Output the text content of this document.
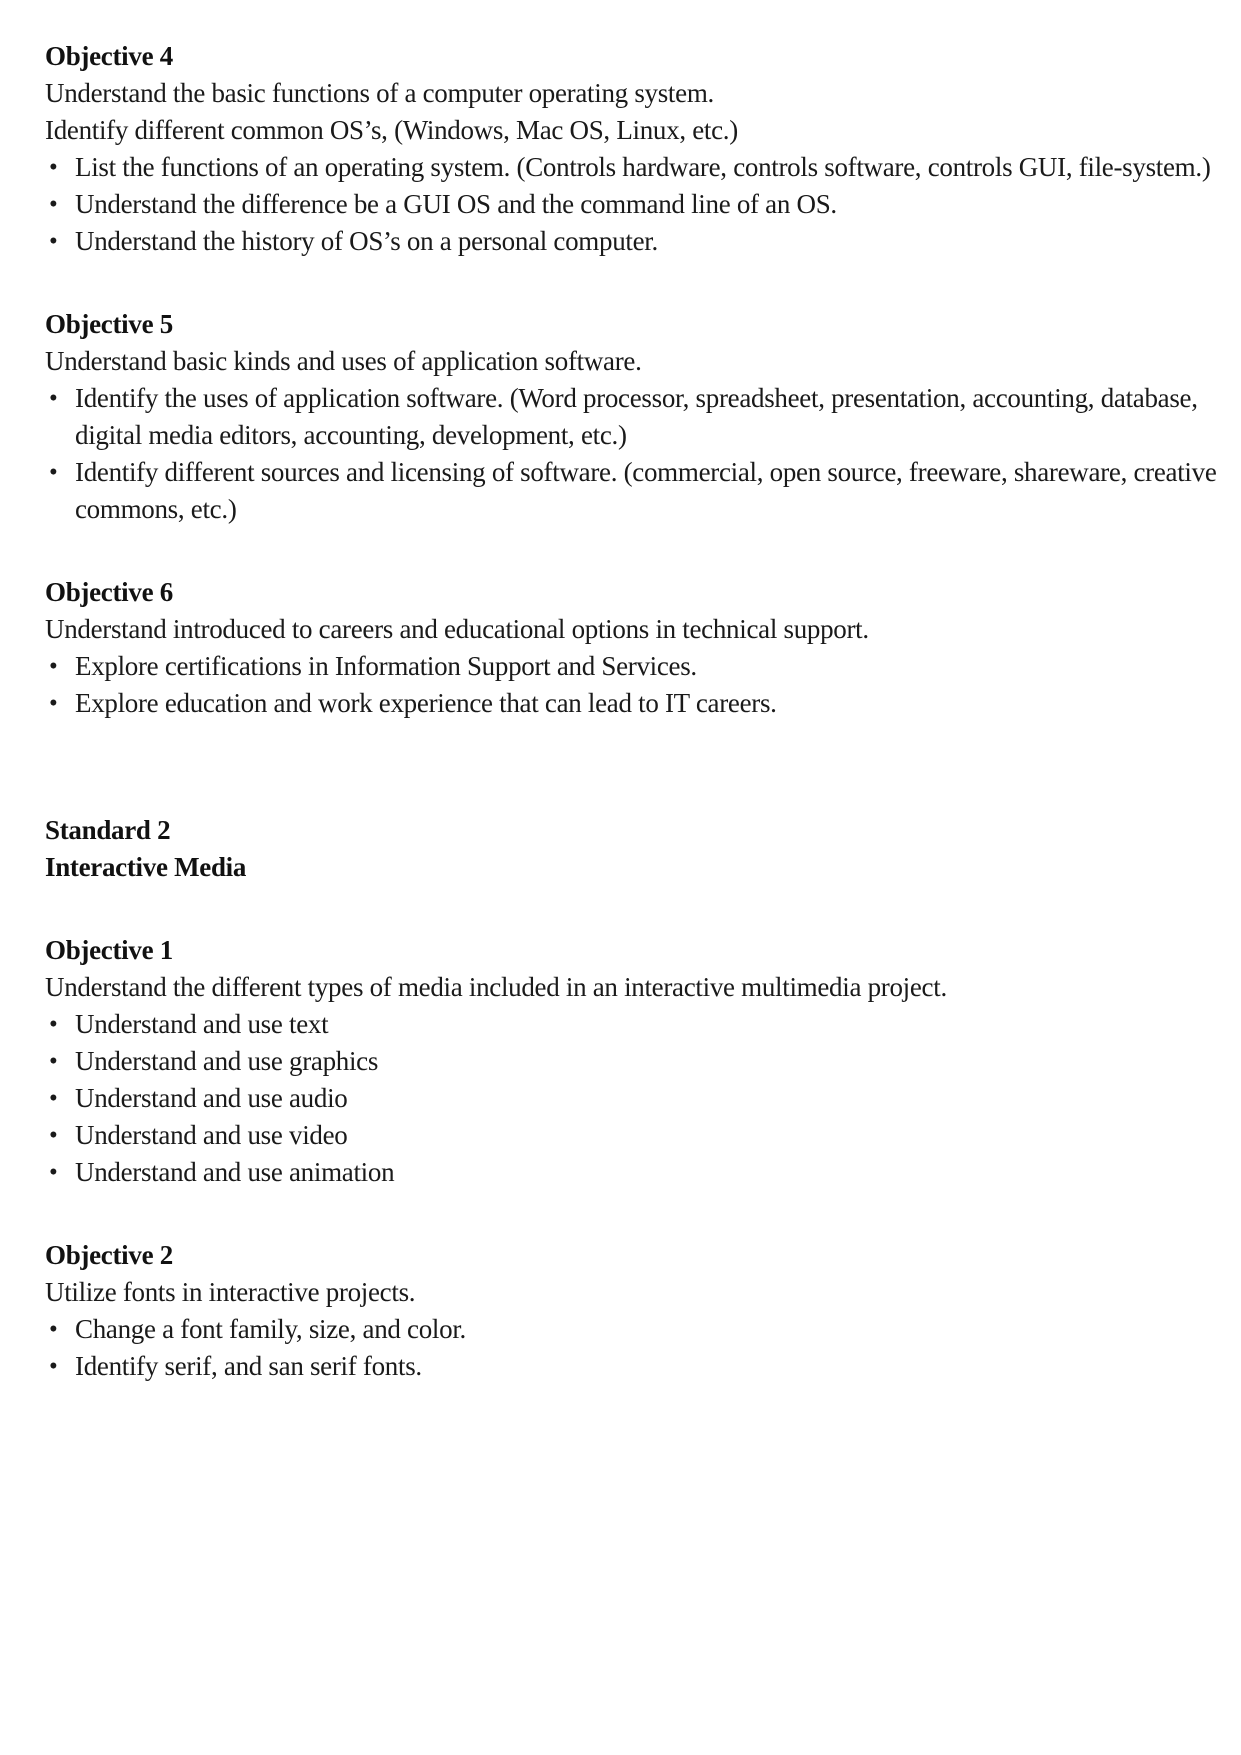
Objective 4

Understand the basic functions of a computer operating system.

Identify different common OS’s, (Windows, Mac OS, Linux, etc.)

• List the functions of an operating system. (Controls hardware, controls software, controls GUI, file-system.)
• Understand the difference be a GUI OS and the command line of an OS.
• Understand the history of OS’s on a personal computer.
Objective 5

Understand basic kinds and uses of application software.

• Identify the uses of application software. (Word processor, spreadsheet, presentation, accounting, database, digital media editors, accounting, development, etc.)
• Identify different sources and licensing of software. (commercial, open source, freeware, shareware, creative commons, etc.)
Objective 6

Understand introduced to careers and educational options in technical support.

• Explore certifications in Information Support and Services.
• Explore education and work experience that can lead to IT careers.
Standard 2
Interactive Media
Objective 1

Understand the different types of media included in an interactive multimedia project.

• Understand and use text
• Understand and use graphics
• Understand and use audio
• Understand and use video
• Understand and use animation
Objective 2

Utilize fonts in interactive projects.

• Change a font family, size, and color.
• Identify serif, and san serif fonts.
